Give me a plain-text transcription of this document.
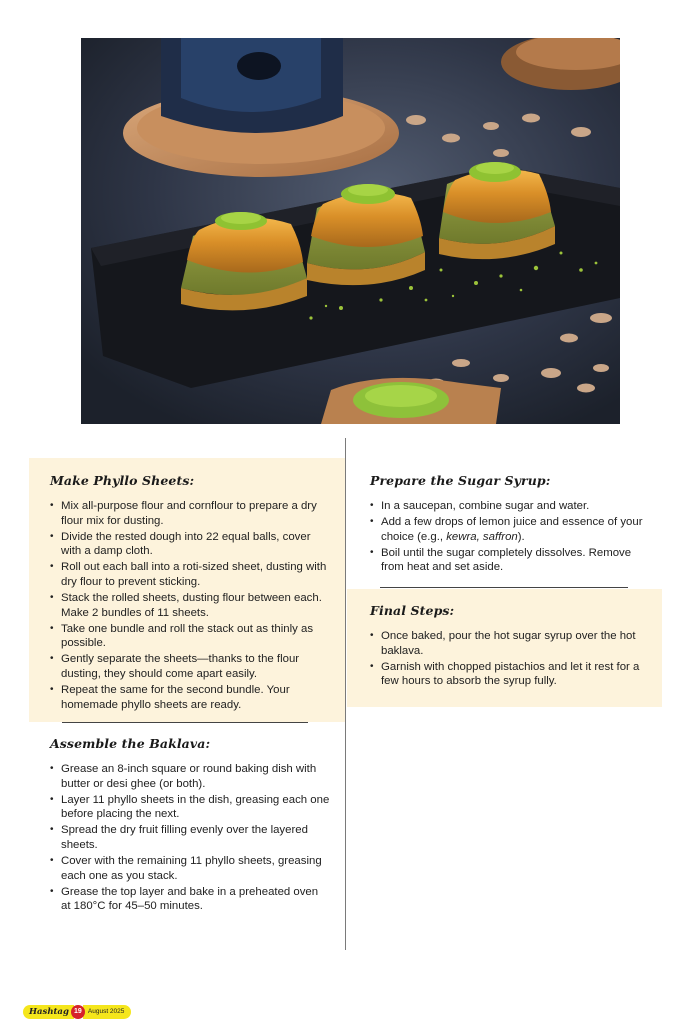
Make Phyllo Sheets:
• Mix all-purpose flour and cornflour to prepare a dry flour mix for dusting.
• Divide the rested dough into 22 equal balls, cover with a damp cloth.
• Roll out each ball into a roti-sized sheet, dusting with dry flour to prevent sticking.
• Stack the rolled sheets, dusting flour between each. Make 2 bundles of 11 sheets.
• Take one bundle and roll the stack out as thinly as possible.
• Gently separate the sheets—thanks to the flour dusting, they should come apart easily.
• Repeat the same for the second bundle. Your homemade phyllo sheets are ready.
Assemble the Baklava:
• Grease an 8-inch square or round baking dish with butter or desi ghee (or both).
• Layer 11 phyllo sheets in the dish, greasing each one before placing the next.
• Spread the dry fruit filling evenly over the layered sheets.
• Cover with the remaining 11 phyllo sheets, greasing each one as you stack.
• Grease the top layer and bake in a preheated oven at 180°C for 45–50 minutes.
Prepare the Sugar Syrup:
• In a saucepan, combine sugar and water.
• Add a few drops of lemon juice and essence of your choice (e.g., kewra, saffron).
• Boil until the sugar completely dissolves. Remove from heat and set aside.
Final Steps:
• Once baked, pour the hot sugar syrup over the hot baklava.
• Garnish with chopped pistachios and let it rest for a few hours to absorb the syrup fully.
Hashtag 19 August 2025
